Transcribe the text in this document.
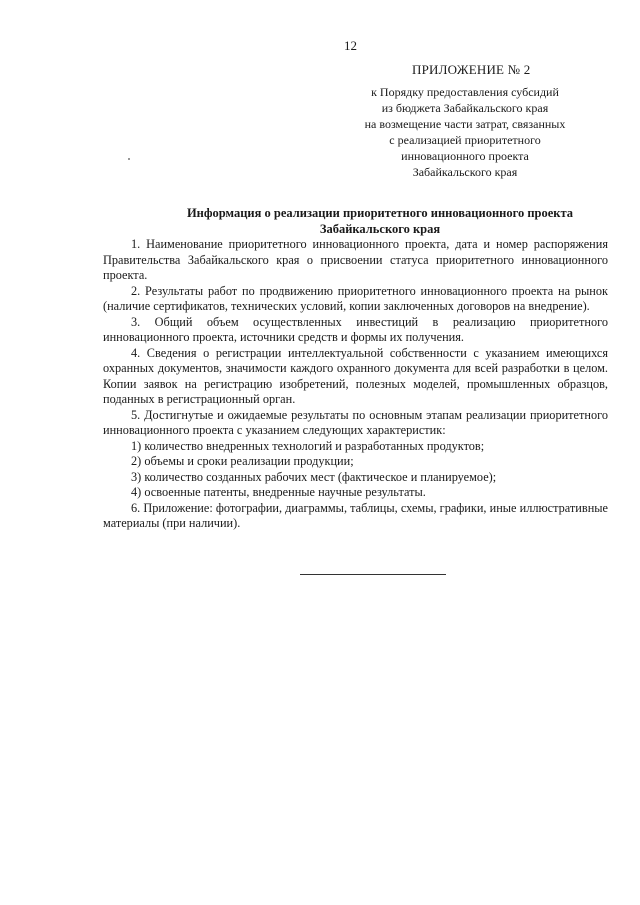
12
ПРИЛОЖЕНИЕ № 2
к Порядку предоставления субсидий
из бюджета Забайкальского края
на возмещение части затрат, связанных
с реализацией приоритетного
инновационного проекта
Забайкальского края
Информация о реализации приоритетного инновационного проекта
Забайкальского края

1. Наименование приоритетного инновационного проекта, дата и номер распоряжения Правительства Забайкальского края о присвоении статуса приоритетного инновационного проекта.

2. Результаты работ по продвижению приоритетного инновационного проекта на рынок (наличие сертификатов, технических условий, копии заключенных договоров на внедрение).

3. Общий объем осуществленных инвестиций в реализацию приоритетного инновационного проекта, источники средств и формы их получения.

4. Сведения о регистрации интеллектуальной собственности с указанием имеющихся охранных документов, значимости каждого охранного документа для всей разработки в целом. Копии заявок на регистрацию изобретений, полезных моделей, промышленных образцов, поданных в регистрационный орган.

5. Достигнутые и ожидаемые результаты по основным этапам реализации приоритетного инновационного проекта с указанием следующих характеристик:

1) количество внедренных технологий и разработанных продуктов;

2) объемы и сроки реализации продукции;

3) количество созданных рабочих мест (фактическое и планируемое);

4) освоенные патенты, внедренные научные результаты.

6. Приложение: фотографии, диаграммы, таблицы, схемы, графики, иные иллюстративные материалы (при наличии).
